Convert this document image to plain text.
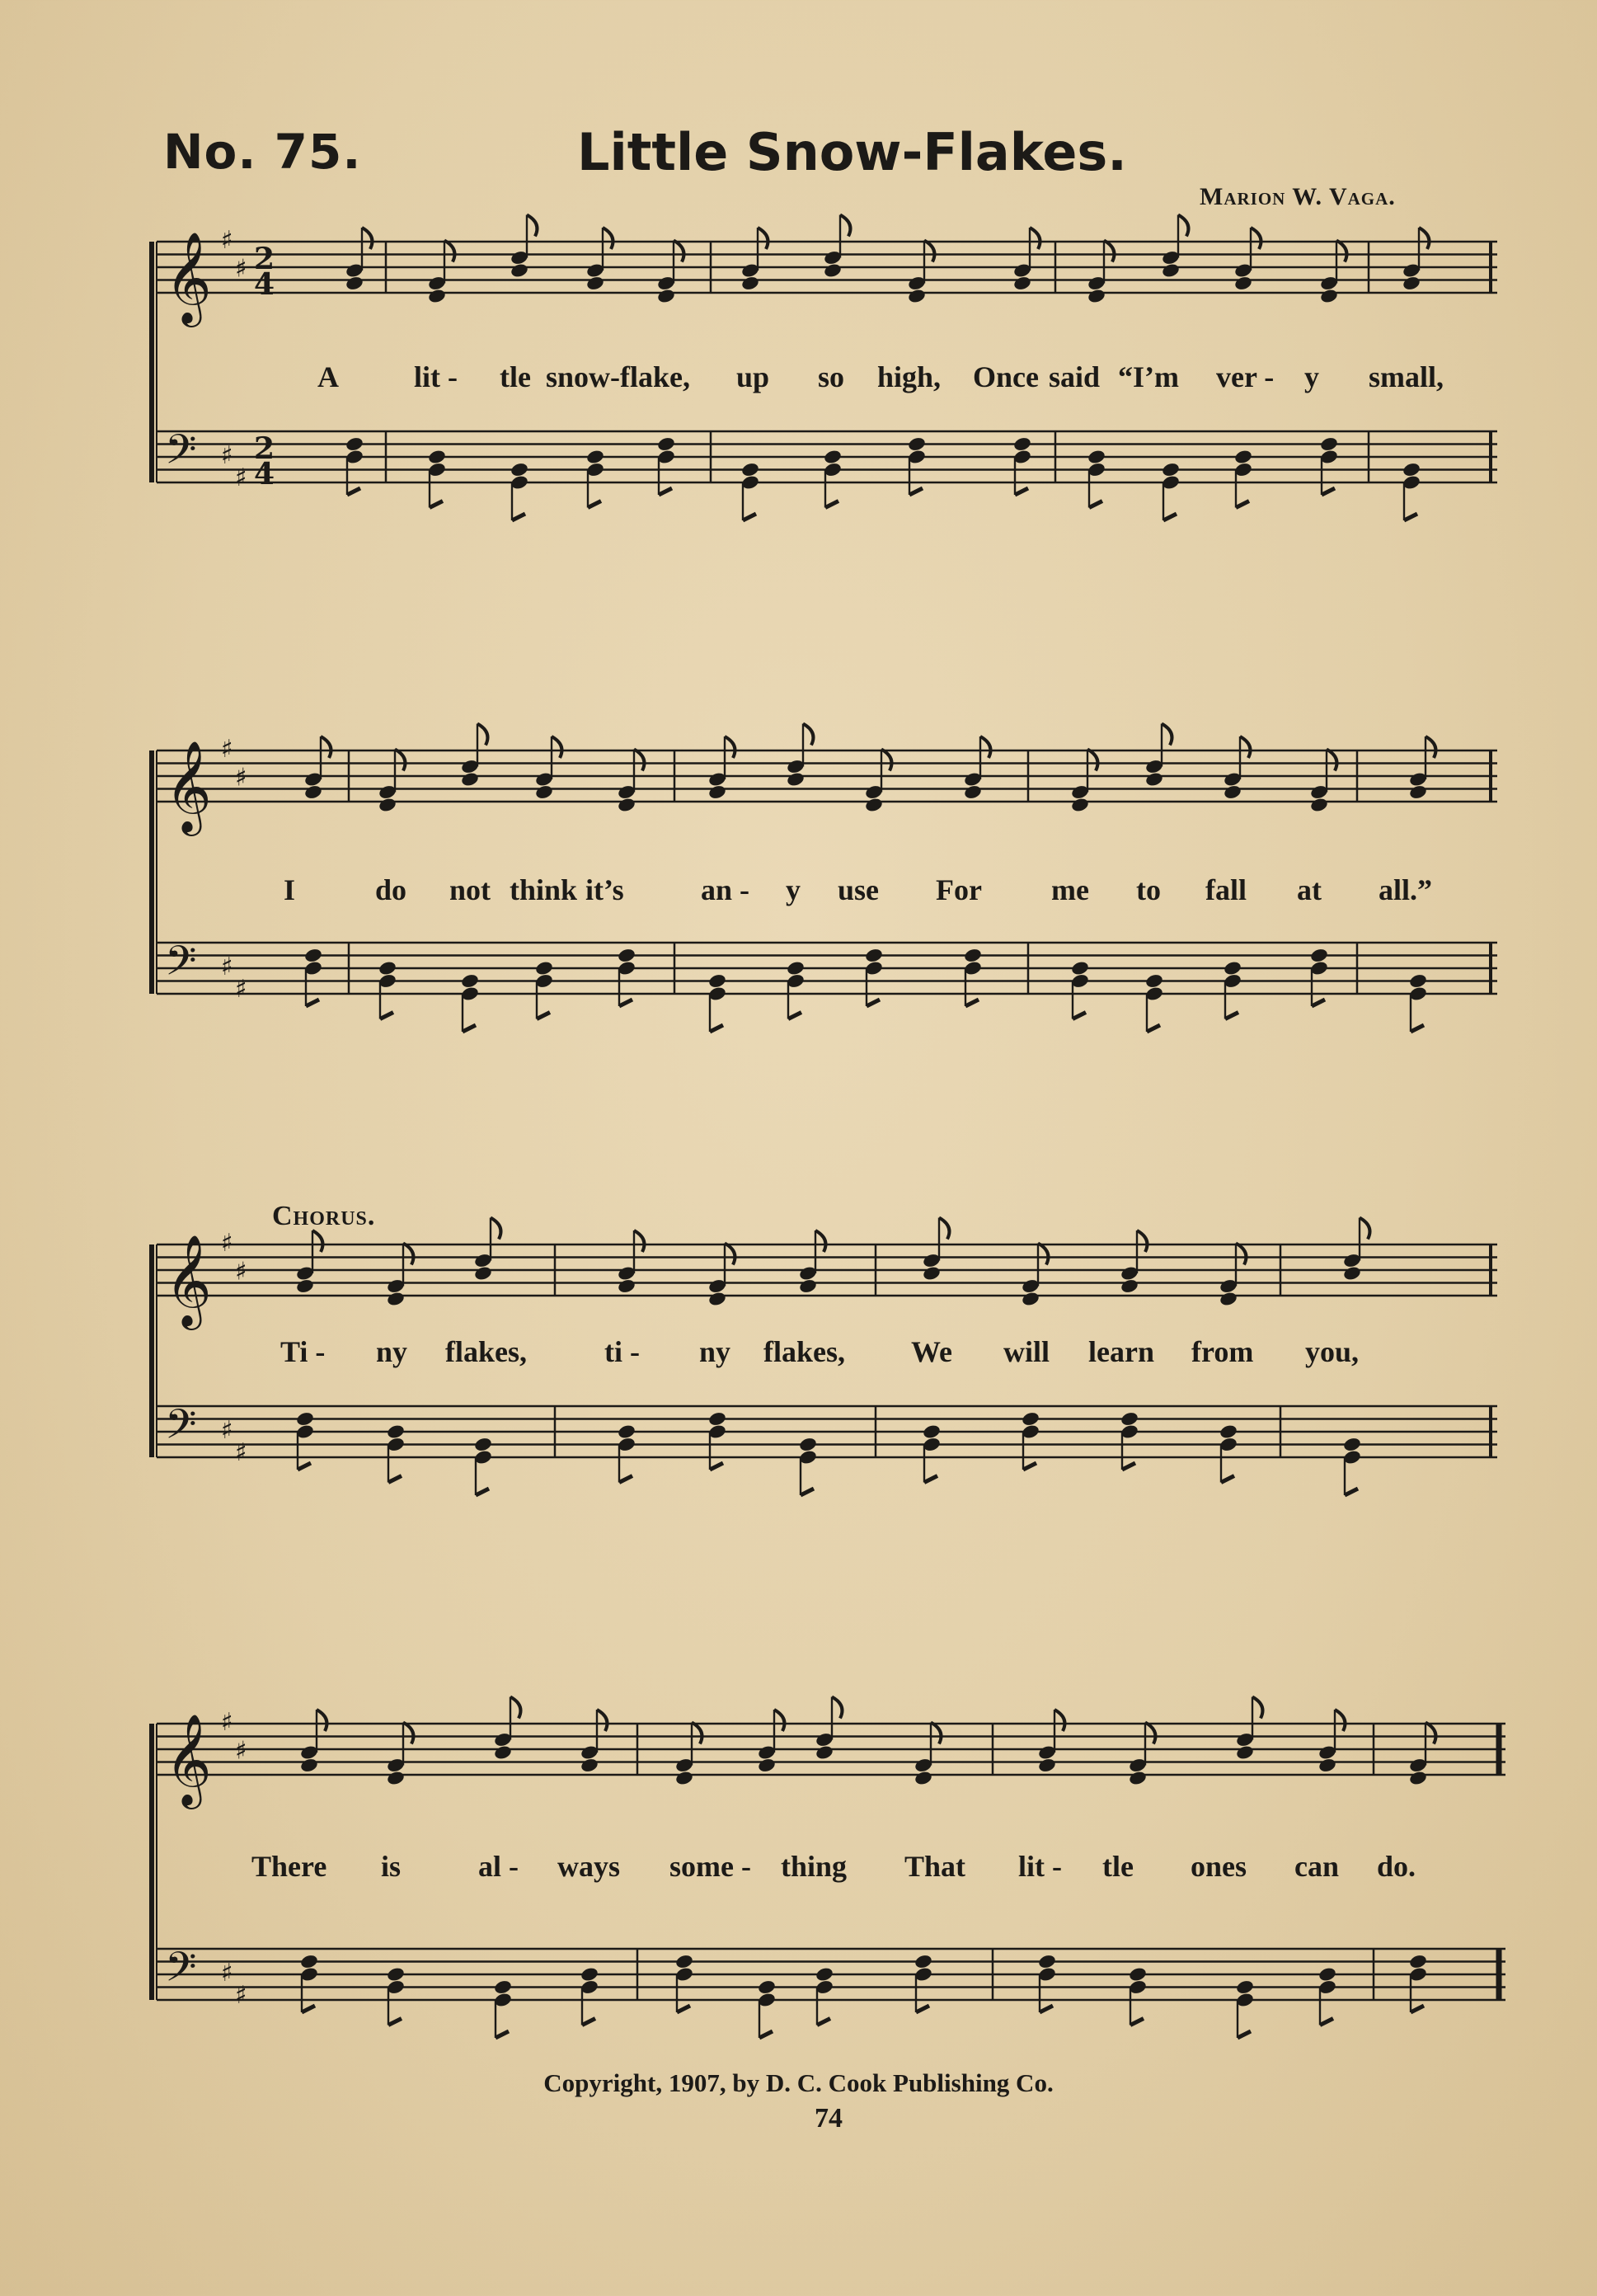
No. 75.	Little Snow-Flakes.
Marion W. Vaga.
Chorus.
𝄞 ♯
♯ 2
4
𝄢 ♯
♯
2
4
𝄞 ♯
♯
𝄢 ♯
♯
𝄞 ♯
♯
𝄢 ♯
♯
𝄞 ♯
♯
𝄢 ♯
♯
A	lit - tle snow-flake, up so high, Once said “I’m ver - y small,
I	do not think it’s	an - y use For me to fall at all.”
Ti - ny flakes,	ti - ny flakes, We will learn from you,
There is	al - ways some - thing That lit - tle ones can do.
Copyright, 1907, by D. C. Cook Publishing Co.
74
